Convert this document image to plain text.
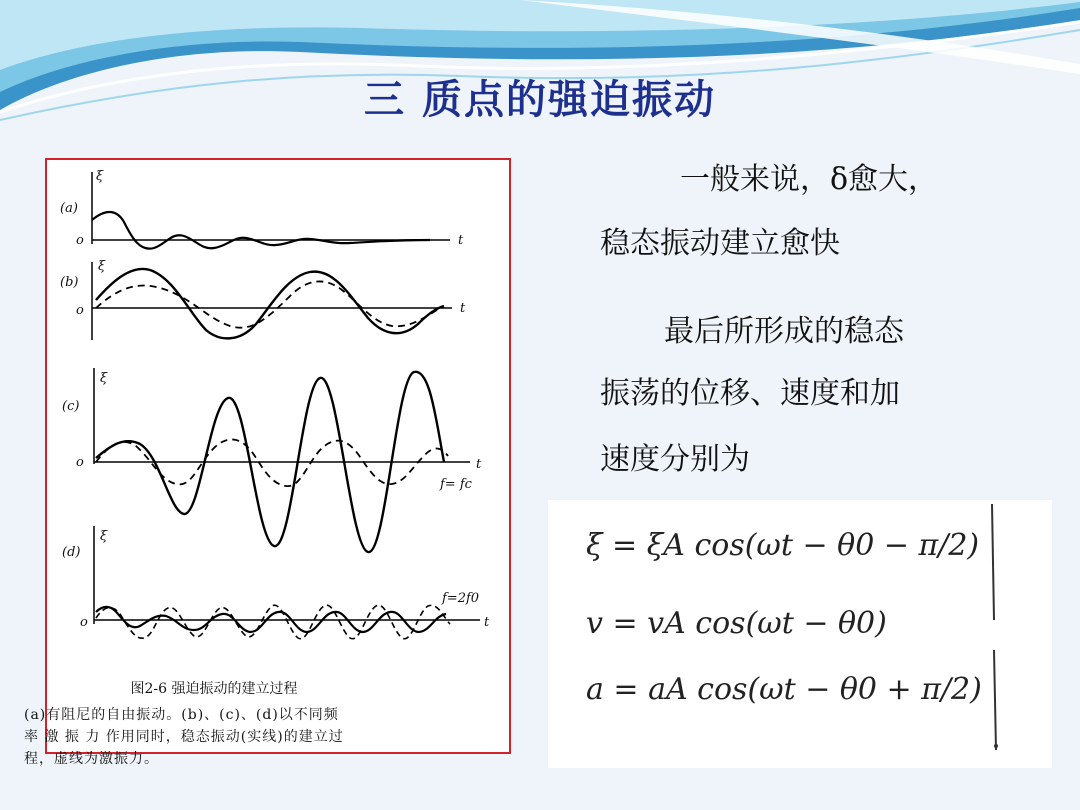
三 质点的强迫振动
(a)
ξ
o	t
(b)
ξ
o	t
(c)
ξ
o	t
f= fc
(d)
ξ
o	t
f=2f0
图2-6 强迫振动的建立过程
(a)有阻尼的自由振动。(b)、(c)、(d)以不同频
率 激 振 力 作用同时，稳态振动(实线)的建立过
程，虚线为激振力。

一般来说，δ愈大，

稳态振动建立愈快

最后所形成的稳态

振荡的位移、速度和加

速度分别为

ξ = ξA cos(ωt − θ0 − π/2)
v = vA cos(ωt − θ0)
a = aA cos(ωt − θ0 + π/2)
